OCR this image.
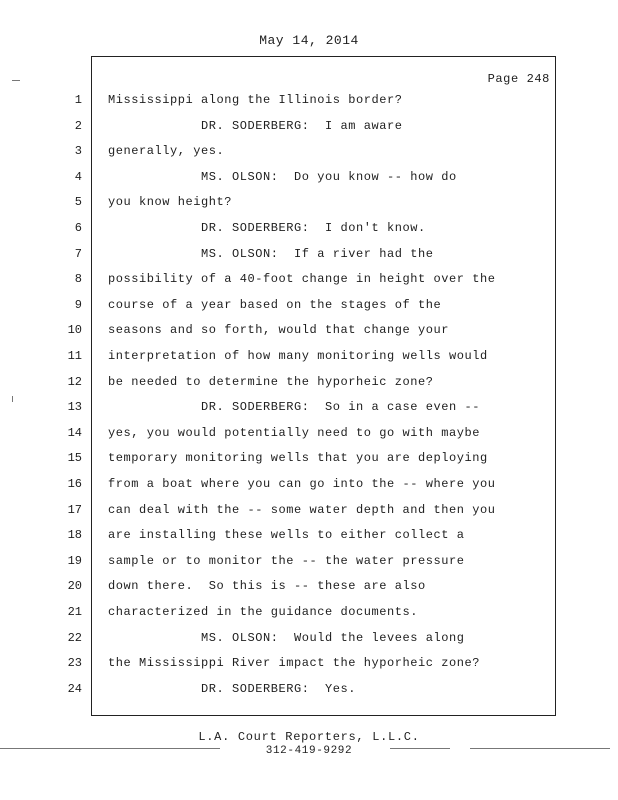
May 14, 2014
Page 248
1 Mississippi along the Illinois border?
2 DR. SODERBERG:  I am aware
3 generally, yes.
4 MS. OLSON:  Do you know -- how do
5 you know height?
6 DR. SODERBERG:  I don't know.
7 MS. OLSON:  If a river had the
8 possibility of a 40-foot change in height over the
9 course of a year based on the stages of the
10 seasons and so forth, would that change your
11 interpretation of how many monitoring wells would
12 be needed to determine the hyporheic zone?
13 DR. SODERBERG:  So in a case even --
14 yes, you would potentially need to go with maybe
15 temporary monitoring wells that you are deploying
16 from a boat where you can go into the -- where you
17 can deal with the -- some water depth and then you
18 are installing these wells to either collect a
19 sample or to monitor the -- the water pressure
20 down there.  So this is -- these are also
21 characterized in the guidance documents.
22 MS. OLSON:  Would the levees along
23 the Mississippi River impact the hyporheic zone?
24 DR. SODERBERG:  Yes.
L.A. Court Reporters, L.L.C.
312-419-9292
